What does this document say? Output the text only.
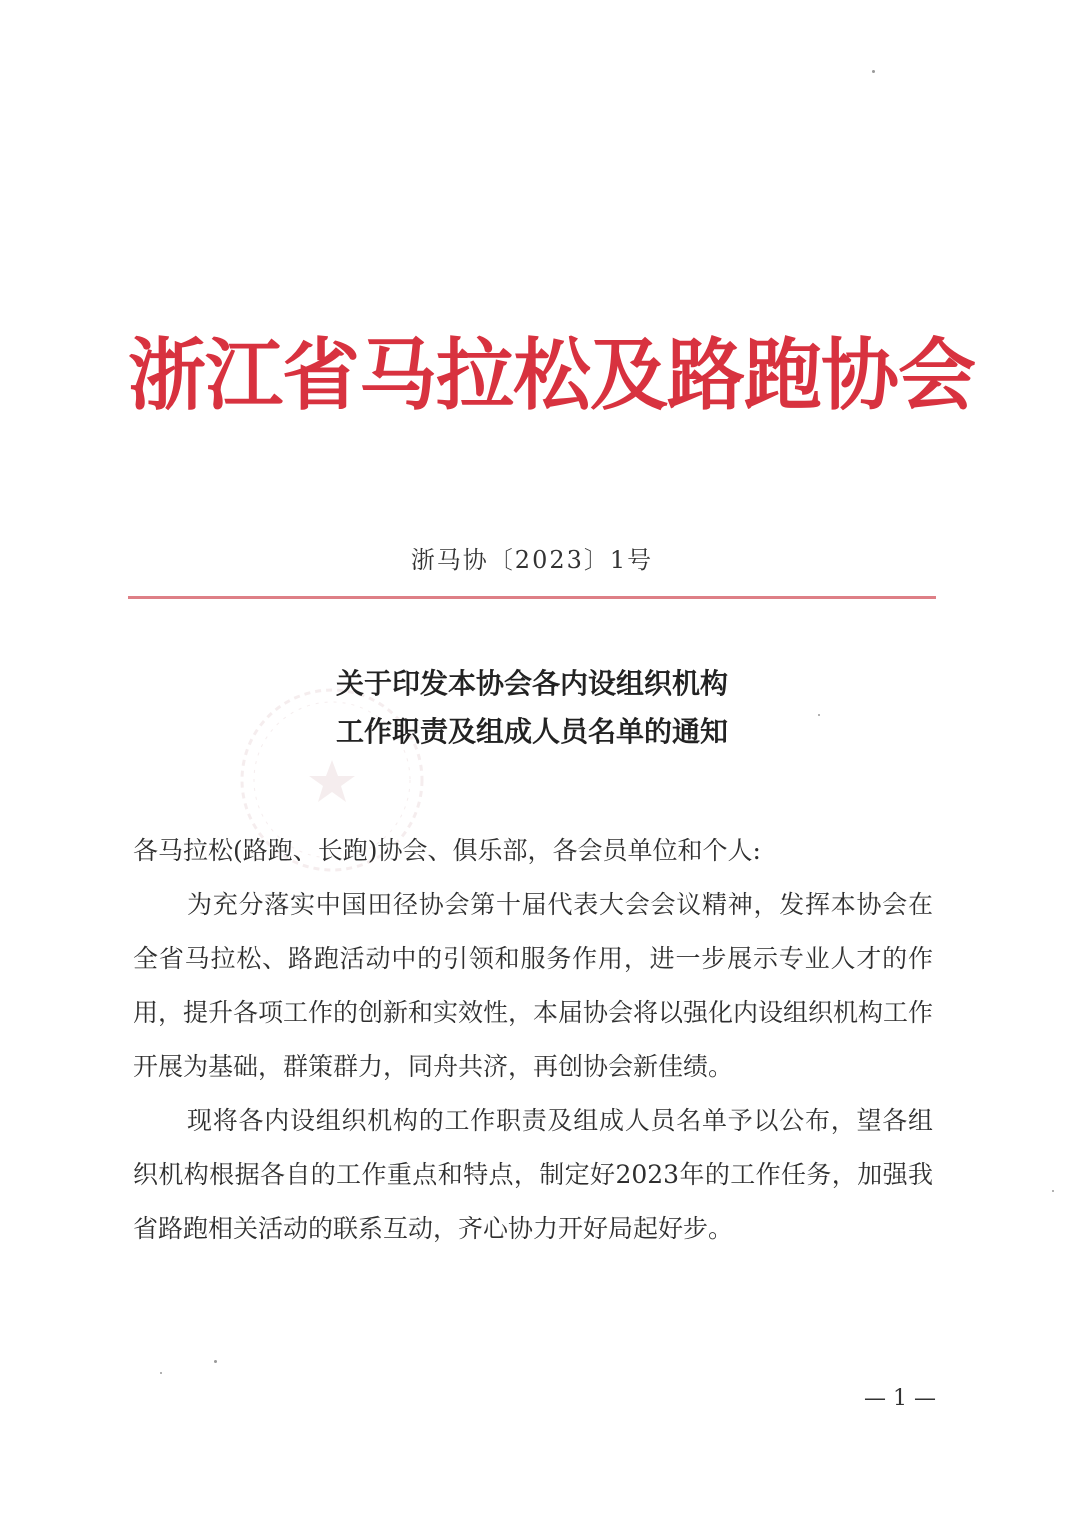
浙江省马拉松及路跑协会
浙马协〔2023〕1号
关于印发本协会各内设组织机构
工作职责及组成人员名单的通知

各马拉松(路跑、长跑)协会、俱乐部，各会员单位和个人:

为充分落实中国田径协会第十届代表大会会议精神，发挥本协会在全省马拉松、路跑活动中的引领和服务作用，进一步展示专业人才的作用，提升各项工作的创新和实效性，本届协会将以强化内设组织机构工作开展为基础，群策群力，同舟共济，再创协会新佳绩。

现将各内设组织机构的工作职责及组成人员名单予以公布，望各组织机构根据各自的工作重点和特点，制定好2023年的工作任务，加强我省路跑相关活动的联系互动，齐心协力开好局起好步。

— 1 —
